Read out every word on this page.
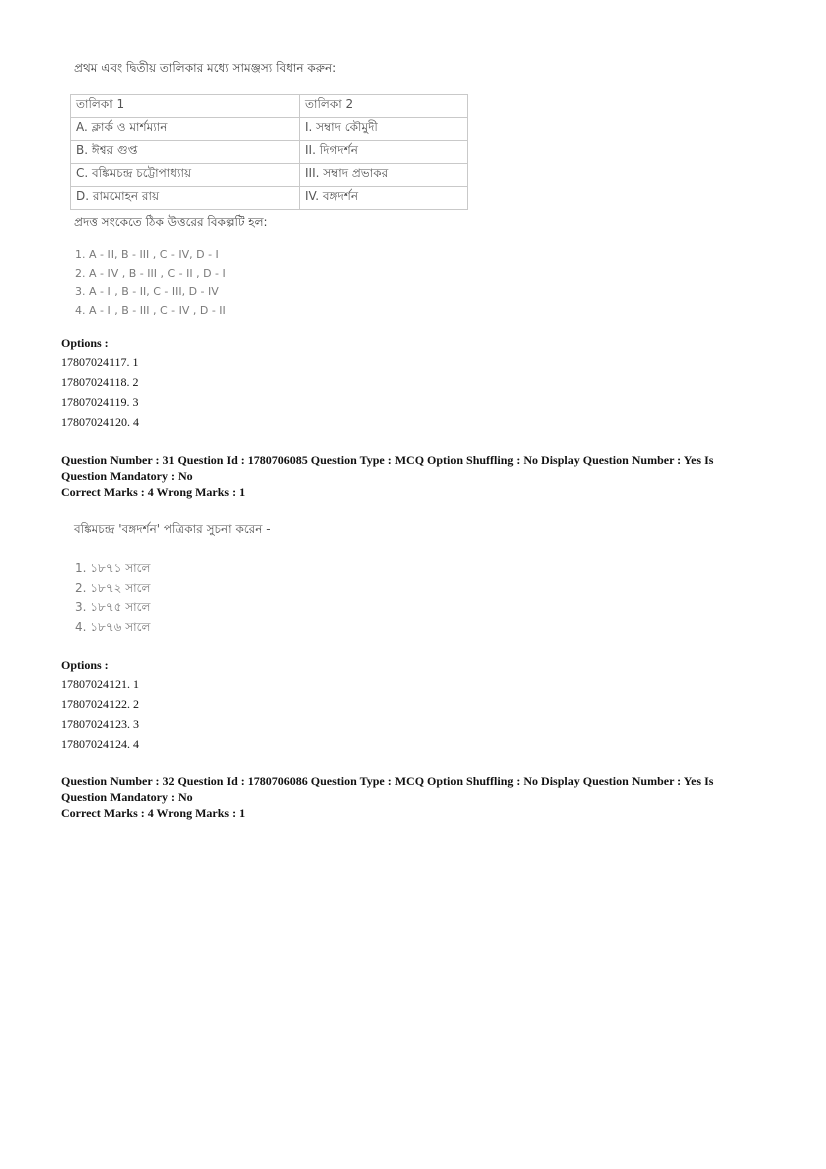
প্রথম এবং দ্বিতীয় তালিকার মধ্যে সামঞ্জস্য বিধান করুন:
তালিকা 1	তালিকা 2
A. ক্লার্ক ও মার্শম্যান	I. সম্বাদ কৌমুদী
B. ঈশ্বর গুপ্ত	II. দিগদর্শন
C. বঙ্কিমচন্দ্র চট্টোপাধ্যায়	III. সম্বাদ প্রভাকর
D. রামমোহন রায়	IV. বঙ্গদর্শন
প্রদত্ত সংকেতে ঠিক উত্তরের বিকল্পটি হল:
1. A - II, B - III , C - IV, D - I
2. A - IV , B - III , C - II , D - I
3. A - I , B - II, C - III, D - IV
4. A - I , B - III , C - IV , D - II
Options :
17807024117. 1
17807024118. 2
17807024119. 3
17807024120. 4
Question Number : 31 Question Id : 1780706085 Question Type : MCQ Option Shuffling : No Display Question Number : Yes Is
Question Mandatory : No
Correct Marks : 4 Wrong Marks : 1
বঙ্কিমচন্দ্র 'বঙ্গদর্শন' পত্রিকার সুচনা করেন -
1. ১৮৭১ সালে
2. ১৮৭২ সালে
3. ১৮৭৫ সালে
4. ১৮৭৬ সালে
Options :
17807024121. 1
17807024122. 2
17807024123. 3
17807024124. 4
Question Number : 32 Question Id : 1780706086 Question Type : MCQ Option Shuffling : No Display Question Number : Yes Is
Question Mandatory : No
Correct Marks : 4 Wrong Marks : 1
